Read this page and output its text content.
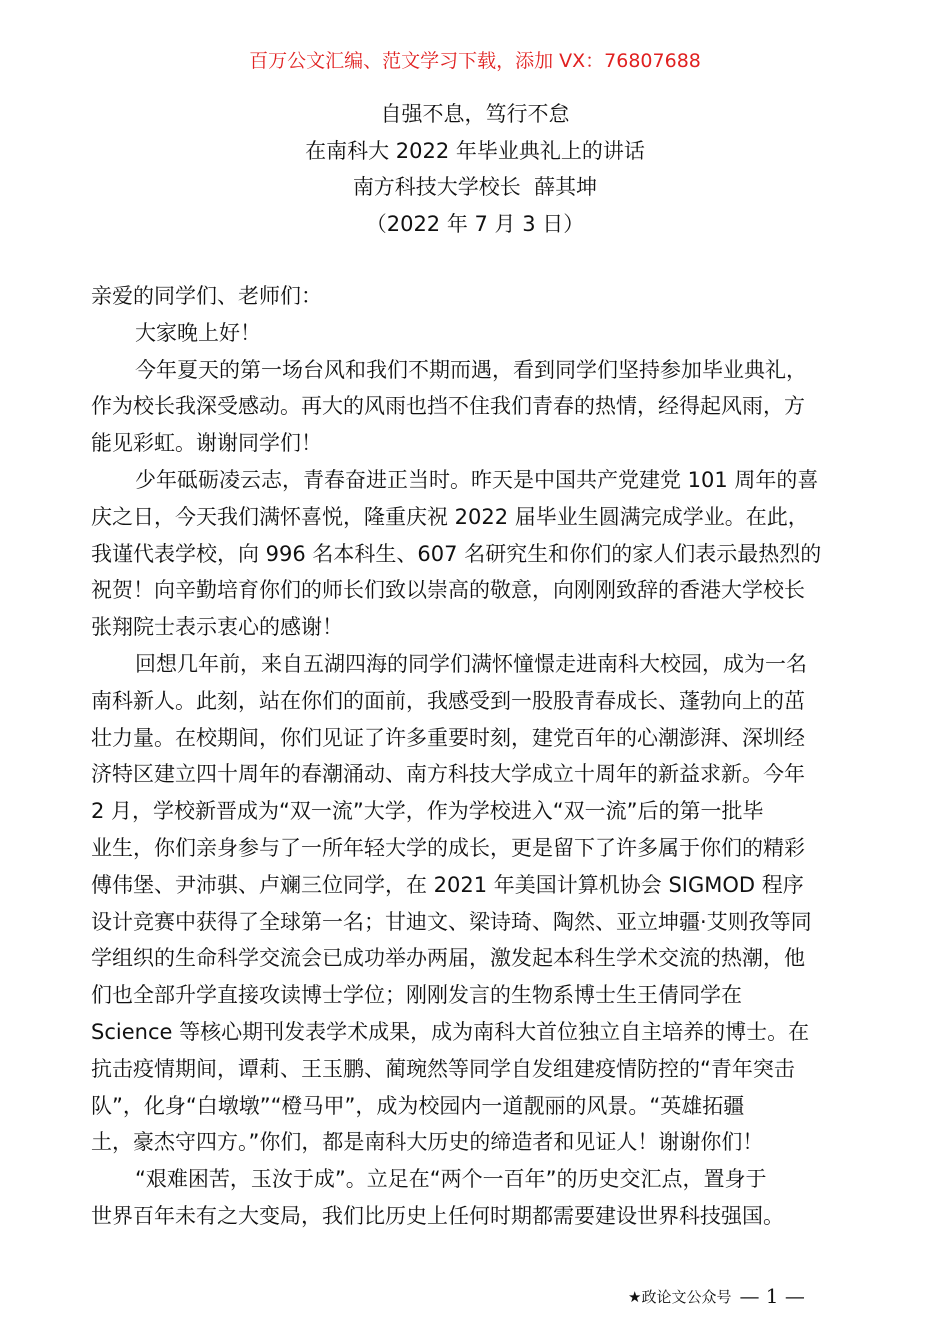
百万公文汇编、范文学习下载，添加 VX：76807688
自强不息，笃行不怠
在南科大 2022 年毕业典礼上的讲话
南方科技大学校长  薛其坤
（2022 年 7 月 3 日）
亲爱的同学们、老师们：
大家晚上好！
今年夏天的第一场台风和我们不期而遇，看到同学们坚持参加毕业典礼，
作为校长我深受感动。再大的风雨也挡不住我们青春的热情，经得起风雨，方
能见彩虹。谢谢同学们！
少年砥砺凌云志，青春奋进正当时。昨天是中国共产党建党 101 周年的喜
庆之日，今天我们满怀喜悦，隆重庆祝 2022 届毕业生圆满完成学业。在此，
我谨代表学校，向 996 名本科生、607 名研究生和你们的家人们表示最热烈的
祝贺！向辛勤培育你们的师长们致以崇高的敬意，向刚刚致辞的香港大学校长
张翔院士表示衷心的感谢！
回想几年前，来自五湖四海的同学们满怀憧憬走进南科大校园，成为一名
南科新人。此刻，站在你们的面前，我感受到一股股青春成长、蓬勃向上的茁
壮力量。在校期间，你们见证了许多重要时刻，建党百年的心潮澎湃、深圳经
济特区建立四十周年的春潮涌动、南方科技大学成立十周年的新益求新。今年
2 月，学校新晋成为“双一流”大学，作为学校进入“双一流”后的第一批毕
业生，你们亲身参与了一所年轻大学的成长，更是留下了许多属于你们的精彩
傅伟堡、尹沛骐、卢斓三位同学，在 2021 年美国计算机协会 SIGMOD 程序
设计竞赛中获得了全球第一名；甘迪文、梁诗琦、陶然、亚立坤疆·艾则孜等同
学组织的生命科学交流会已成功举办两届，激发起本科生学术交流的热潮，他
们也全部升学直接攻读博士学位；刚刚发言的生物系博士生王倩同学在
Science 等核心期刊发表学术成果，成为南科大首位独立自主培养的博士。在
抗击疫情期间，谭莉、王玉鹏、蔺琬然等同学自发组建疫情防控的“青年突击
队”，化身“白墩墩”“橙马甲”，成为校园内一道靓丽的风景。“英雄拓疆
土，豪杰守四方。”你们，都是南科大历史的缔造者和见证人！谢谢你们！
“艰难困苦，玉汝于成”。立足在“两个一百年”的历史交汇点，置身于
世界百年未有之大变局，我们比历史上任何时期都需要建设世界科技强国。
★政论文公众号 — 1 —
